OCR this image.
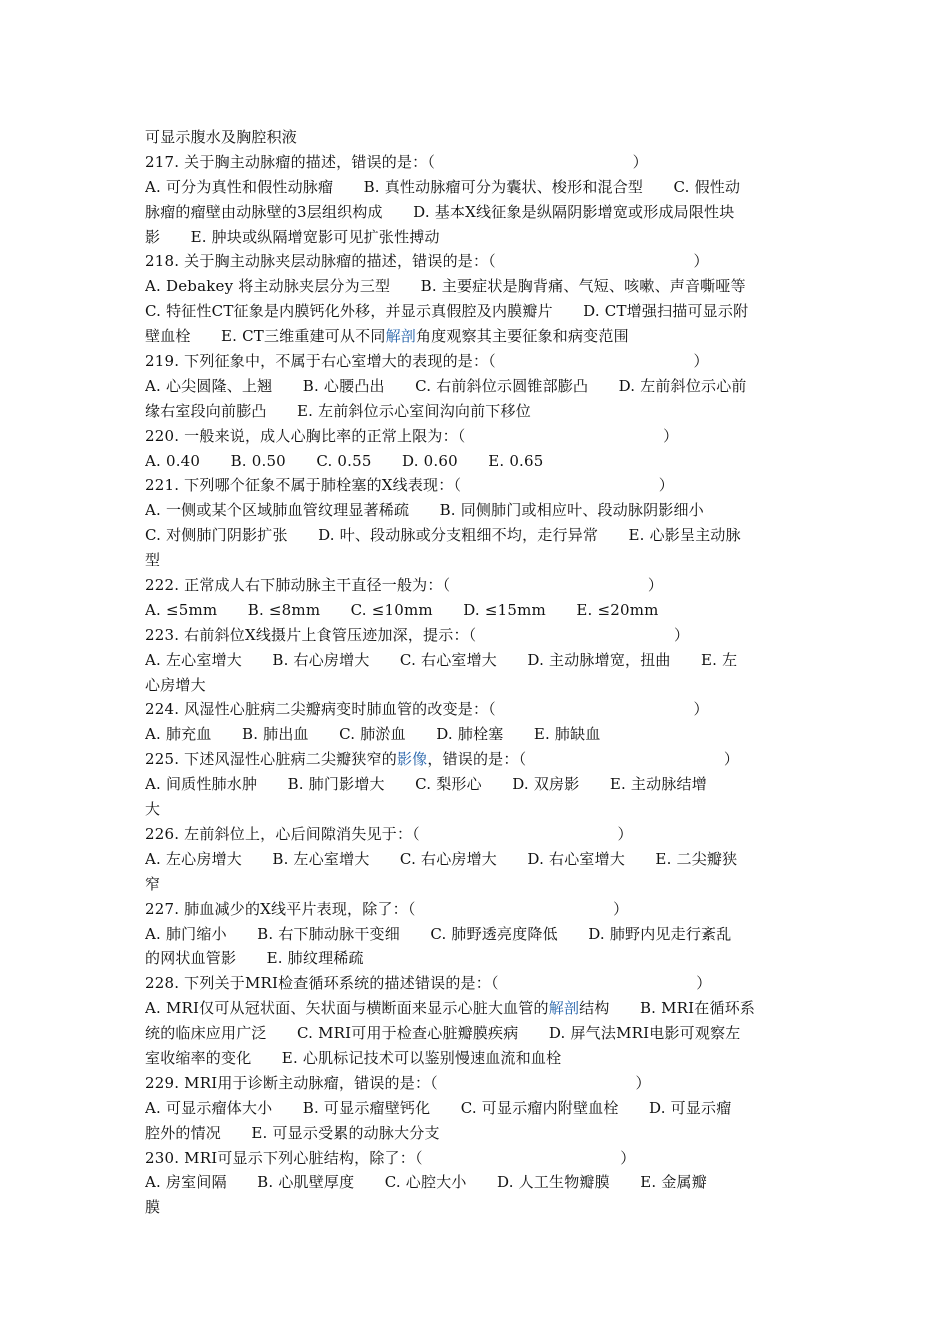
可显示腹水及胸腔积液
217. 关于胸主动脉瘤的描述，错误的是：（　　　　　　　　　　　　　）
A. 可分为真性和假性动脉瘤　　B. 真性动脉瘤可分为囊状、梭形和混合型　　C. 假性动
脉瘤的瘤壁由动脉壁的3层组织构成　　D. 基本X线征象是纵隔阴影增宽或形成局限性块
影　　E. 肿块或纵隔增宽影可见扩张性搏动
218. 关于胸主动脉夹层动脉瘤的描述，错误的是：（　　　　　　　　　　　　　）
A. Debakey 将主动脉夹层分为三型　　B. 主要症状是胸背痛、气短、咳嗽、声音嘶哑等
C. 特征性CT征象是内膜钙化外移，并显示真假腔及内膜瓣片　　D. CT增强扫描可显示附
壁血栓　　E. CT三维重建可从不同解剖角度观察其主要征象和病变范围
219. 下列征象中，不属于右心室增大的表现的是：（　　　　　　　　　　　　　）
A. 心尖圆隆、上翘　　B. 心腰凸出　　C. 右前斜位示圆锥部膨凸　　D. 左前斜位示心前
缘右室段向前膨凸　　E. 左前斜位示心室间沟向前下移位
220. 一般来说，成人心胸比率的正常上限为：（　　　　　　　　　　　　　）
A. 0.40　　B. 0.50　　C. 0.55　　D. 0.60　　E. 0.65
221. 下列哪个征象不属于肺栓塞的X线表现：（　　　　　　　　　　　　　）
A. 一侧或某个区域肺血管纹理显著稀疏　　B. 同侧肺门或相应叶、段动脉阴影细小
C. 对侧肺门阴影扩张　　D. 叶、段动脉或分支粗细不均，走行异常　　E. 心影呈主动脉
型
222. 正常成人右下肺动脉主干直径一般为：（　　　　　　　　　　　　　）
A. ≤5mm　　B. ≤8mm　　C. ≤10mm　　D. ≤15mm　　E. ≤20mm
223. 右前斜位X线摄片上食管压迹加深，提示：（　　　　　　　　　　　　　）
A. 左心室增大　　B. 右心房增大　　C. 右心室增大　　D. 主动脉增宽，扭曲　　E. 左
心房增大
224. 风湿性心脏病二尖瓣病变时肺血管的改变是：（　　　　　　　　　　　　　）
A. 肺充血　　B. 肺出血　　C. 肺淤血　　D. 肺栓塞　　E. 肺缺血
225. 下述风湿性心脏病二尖瓣狭窄的影像，错误的是：（　　　　　　　　　　　　　）
A. 间质性肺水肿　　B. 肺门影增大　　C. 梨形心　　D. 双房影　　E. 主动脉结增
大
226. 左前斜位上，心后间隙消失见于：（　　　　　　　　　　　　　）
A. 左心房增大　　B. 左心室增大　　C. 右心房增大　　D. 右心室增大　　E. 二尖瓣狭
窄
227. 肺血减少的X线平片表现，除了：（　　　　　　　　　　　　　）
A. 肺门缩小　　B. 右下肺动脉干变细　　C. 肺野透亮度降低　　D. 肺野内见走行紊乱
的网状血管影　　E. 肺纹理稀疏
228. 下列关于MRI检查循环系统的描述错误的是：（　　　　　　　　　　　　　）
A. MRI仅可从冠状面、矢状面与横断面来显示心脏大血管的解剖结构　　B. MRI在循环系
统的临床应用广泛　　C. MRI可用于检查心脏瓣膜疾病　　D. 屏气法MRI电影可观察左
室收缩率的变化　　E. 心肌标记技术可以鉴别慢速血流和血栓
229. MRI用于诊断主动脉瘤，错误的是：（　　　　　　　　　　　　　）
A. 可显示瘤体大小　　B. 可显示瘤壁钙化　　C. 可显示瘤内附壁血栓　　D. 可显示瘤
腔外的情况　　E. 可显示受累的动脉大分支
230. MRI可显示下列心脏结构，除了：（　　　　　　　　　　　　　）
A. 房室间隔　　B. 心肌壁厚度　　C. 心腔大小　　D. 人工生物瓣膜　　E. 金属瓣
膜
